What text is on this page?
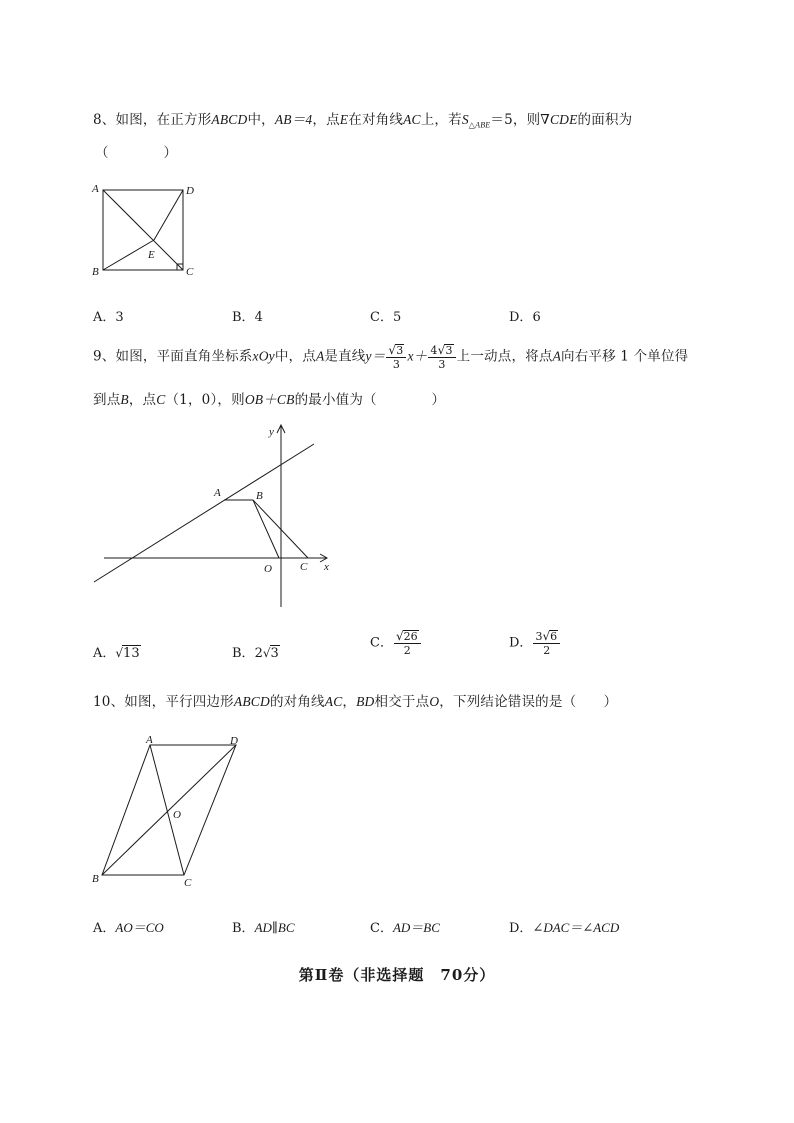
8、如图，在正方形ABCD中，AB＝4，点E在对角线AC上，若$S_{\triangle ABE}=5$，则∇CDE的面积为
（　　　　）
A	D
B	C
E
A．3	B．4	C．5	D．6
9、如图，平面直角坐标系xOy中，点A是直线$y= \frac{√3}{3} x+ \frac{4√3}{3}$ 上一动点，将点A向右平移 1 个单位得
到点B，点C（1，0），则OB＋CB的最小值为（　　　　）
y
x
A	B
O	C
A．√13	B．2√3
C． $\frac{√26}{2}$	D． $\frac{3√6}{2}$
10、如图，平行四边形ABCD的对角线AC，BD相交于点O，下列结论错误的是（　　）
A	D
O
B	C
A．AO＝CO	B．AD∥BC	C．AD＝BC	D．∠DAC＝∠ACD
第Ⅱ卷（非选择题　70分）
